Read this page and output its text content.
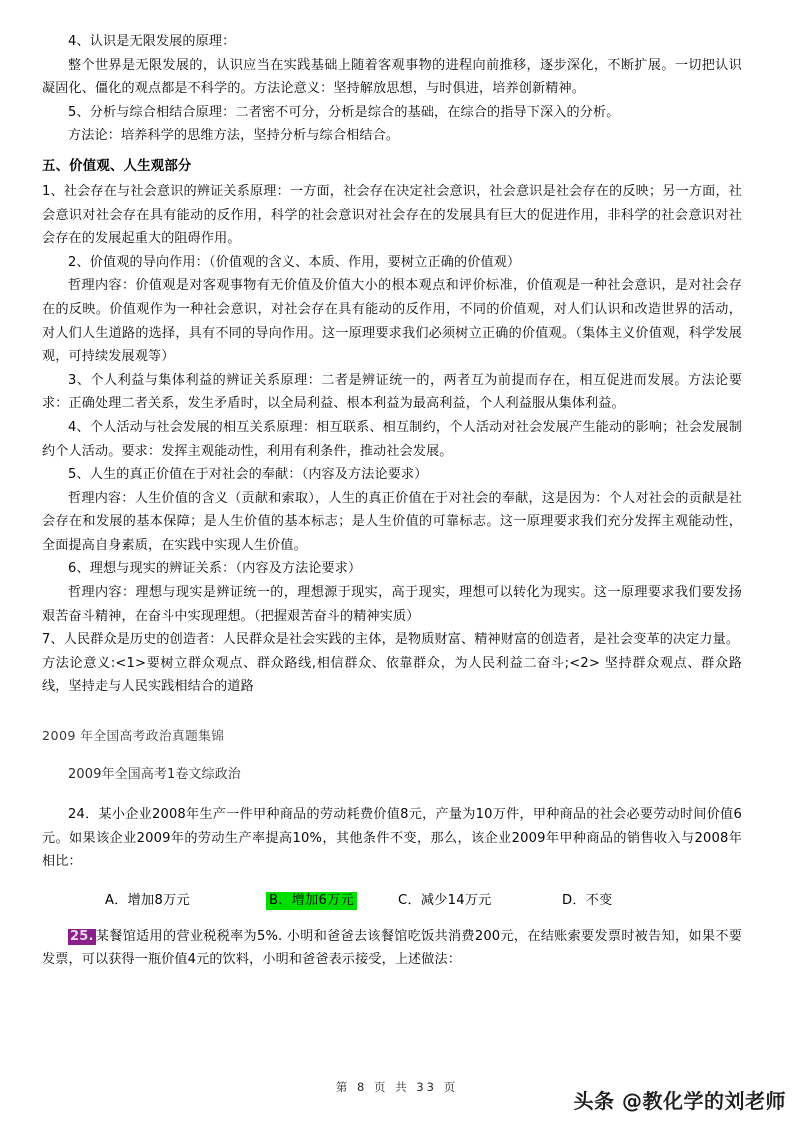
4、认识是无限发展的原理：

整个世界是无限发展的，认识应当在实践基础上随着客观事物的进程向前推移，逐步深化，不断扩展。一切把认识凝固化、僵化的观点都是不科学的。方法论意义：坚持解放思想，与时俱进，培养创新精神。

5、分析与综合相结合原理：二者密不可分，分析是综合的基础，在综合的指导下深入的分析。

方法论：培养科学的思维方法，坚持分析与综合相结合。

五、价值观、人生观部分

1、社会存在与社会意识的辨证关系原理：一方面，社会存在决定社会意识，社会意识是社会存在的反映；另一方面，社会意识对社会存在具有能动的反作用，科学的社会意识对社会存在的发展具有巨大的促进作用，非科学的社会意识对社会存在的发展起重大的阻碍作用。

2、价值观的导向作用：（价值观的含义、本质、作用，要树立正确的价值观）

哲理内容：价值观是对客观事物有无价值及价值大小的根本观点和评价标准，价值观是一种社会意识，是对社会存在的反映。价值观作为一种社会意识，对社会存在具有能动的反作用，不同的价值观，对人们认识和改造世界的活动，对人们人生道路的选择，具有不同的导向作用。这一原理要求我们必须树立正确的价值观。（集体主义价值观，科学发展观，可持续发展观等）

3、个人利益与集体利益的辨证关系原理：二者是辨证统一的，两者互为前提而存在，相互促进而发展。方法论要求：正确处理二者关系，发生矛盾时，以全局利益、根本利益为最高利益，个人利益服从集体利益。

4、个人活动与社会发展的相互关系原理：相互联系、相互制约，个人活动对社会发展产生能动的影响；社会发展制约个人活动。要求：发挥主观能动性，利用有利条件，推动社会发展。

5、人生的真正价值在于对社会的奉献：（内容及方法论要求）

哲理内容：人生价值的含义（贡献和索取），人生的真正价值在于对社会的奉献，这是因为：个人对社会的贡献是社会存在和发展的基本保障；是人生价值的基本标志；是人生价值的可靠标志。这一原理要求我们充分发挥主观能动性，全面提高自身素质，在实践中实现人生价值。

6、理想与现实的辨证关系：（内容及方法论要求）

哲理内容：理想与现实是辨证统一的，理想源于现实，高于现实，理想可以转化为现实。这一原理要求我们要发扬艰苦奋斗精神，在奋斗中实现理想。（把握艰苦奋斗的精神实质）

7、人民群众是历史的创造者：人民群众是社会实践的主体，是物质财富、精神财富的创造者，是社会变革的决定力量。

方法论意义:<1>要树立群众观点、群众路线,相信群众、依靠群众，为人民利益二奋斗;<2> 坚持群众观点、群众路线，坚持走与人民实践相结合的道路

2009 年全国高考政治真题集锦

2009年全国高考1卷文综政治

24．某小企业2008年生产一件甲种商品的劳动耗费价值8元，产量为10万件，甲种商品的社会必要劳动时间价值6元。如果该企业2009年的劳动生产率提高10%，其他条件不变，那么，该企业2009年甲种商品的销售收入与2008年相比：

A．增加8万元	B．增加6万元	C．减少14万元	D．不变

25. 某餐馆适用的营业税税率为5%. 小明和爸爸去该餐馆吃饭共消费200元，在结账索要发票时被告知，如果不要发票，可以获得一瓶价值4元的饮料，小明和爸爸表示接受，上述做法：

第 8 页 共 33 页
头条 @教化学的刘老师
